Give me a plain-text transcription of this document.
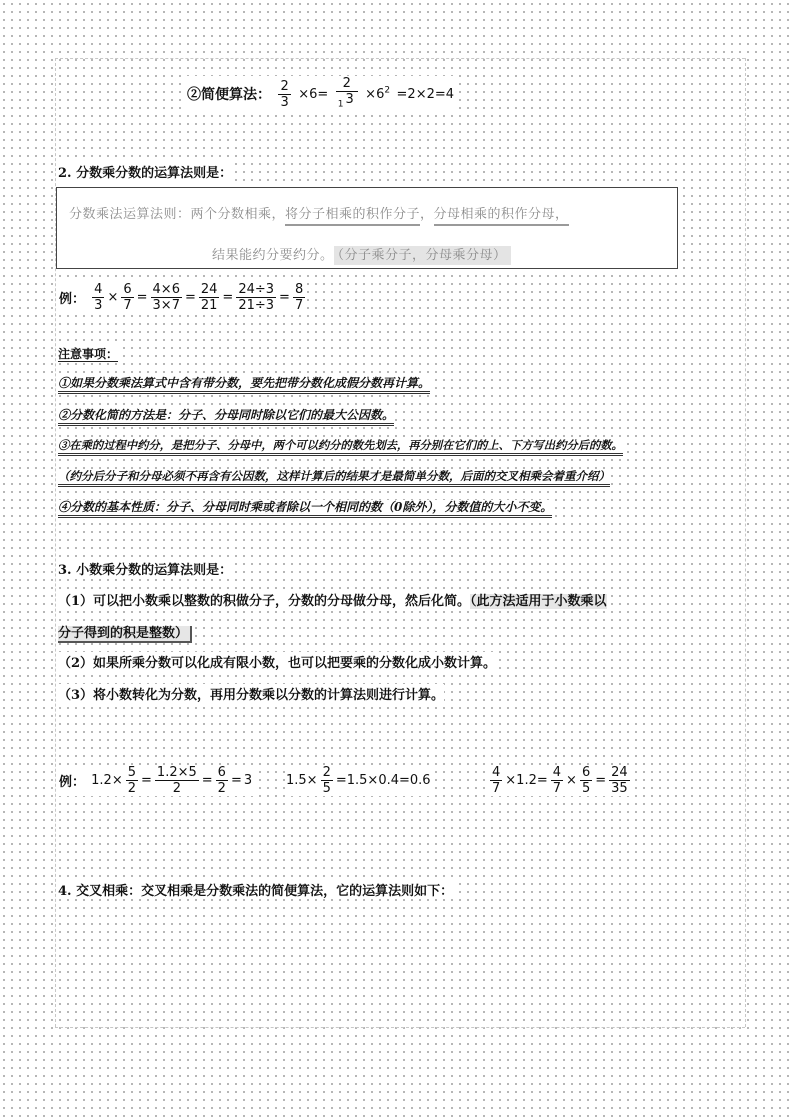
②简便算法： $\frac{2}{3} \times 6= \frac{2}{_1 3} \times 6^2 =2\times 2=4$
2. 分数乘分数的运算法则是：
分数乘法运算法则：两个分数相乘，将分子相乘的积作分子，分母相乘的积作分母，
结果能约分要约分。 （分子乘分子，分母乘分母）
例： $\frac{4}{3} \times \frac{6}{7} = \frac{4\times 6}{3\times 7} = \frac{24}{21} = \frac{24\div 3}{21\div 3} = \frac{8}{7}$
注意事项：
①如果分数乘法算式中含有带分数，要先把带分数化成假分数再计算。
②分数化简的方法是：分子、分母同时除以它们的最大公因数。
③在乘的过程中约分，是把分子、分母中，两个可以约分的数先划去，再分别在它们的上、下方写出约分后的数。
（约分后分子和分母必须不再含有公因数，这样计算后的结果才是最简单分数，后面的交叉相乘会着重介绍）
④分数的基本性质：分子、分母同时乘或者除以一个相同的数（0除外），分数值的大小不变。
3. 小数乘分数的运算法则是：
（1）可以把小数乘以整数的积做分子，分数的分母做分母，然后化简。（此方法适用于小数乘以
分子得到的积是整数）
（2）如果所乘分数可以化成有限小数，也可以把要乘的分数化成小数计算。
（3）将小数转化为分数，再用分数乘以分数的计算法则进行计算。
例： $1.2\times \frac{5}{2} = \frac{1.2\times 5}{2} = \frac{6}{2} = 3$	$1.5\times \frac{2}{5} =1.5\times 0.4=0.6$	$\frac{4}{7} \times 1.2= \frac{4}{7} \times \frac{6}{5} = \frac{24}{35}$
4. 交叉相乘：交叉相乘是分数乘法的简便算法，它的运算法则如下：
